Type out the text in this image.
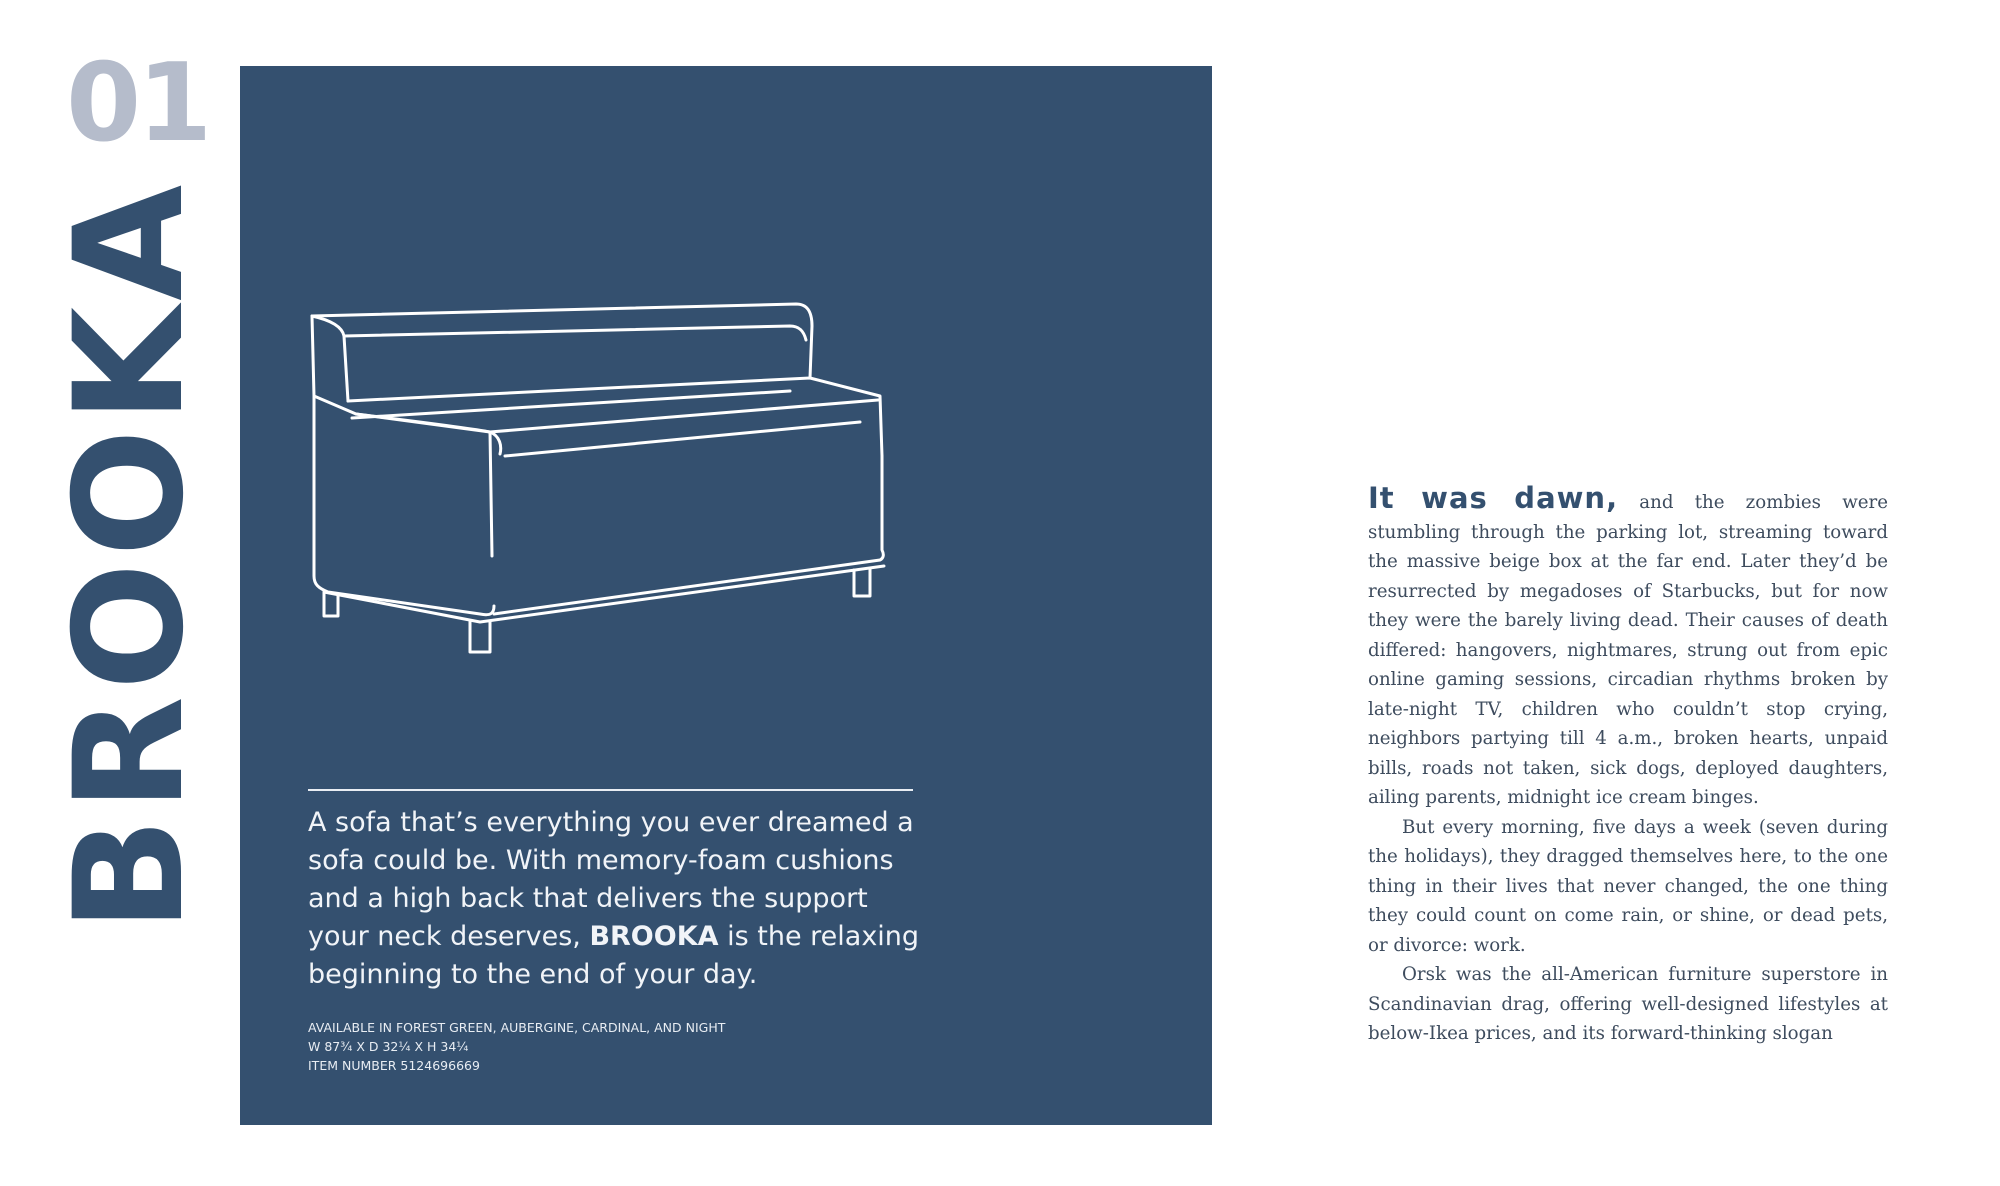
01
BROOKA	A sofa that’s everything you ever dreamed a sofa could be. With memory-foam cushions and a high back that delivers the support your neck deserves, BROOKA is the relaxing beginning to the end of your day.
AVAILABLE IN FOREST GREEN, AUBERGINE, CARDINAL, AND NIGHT
W 87¾ X D 32¼ X H 34¼
ITEM NUMBER 5124696669

It was dawn, and the zombies were stumbling through the parking lot, streaming toward the massive beige box at the far end. Later they’d be resurrected by megadoses of Starbucks, but for now they were the barely living dead. Their causes of death differed: hangovers, nightmares, strung out from epic online gaming sessions, circadian rhythms broken by late-night TV, children who couldn’t stop crying, neighbors partying till 4 a.m., broken hearts, unpaid bills, roads not taken, sick dogs, deployed daughters, ailing parents, midnight ice cream binges.

But every morning, five days a week (seven during the holidays), they dragged themselves here, to the one thing in their lives that never changed, the one thing they could count on come rain, or shine, or dead pets, or divorce: work.

Orsk was the all-American furniture superstore in Scandinavian drag, offering well-designed lifestyles at below-Ikea prices, and its forward-thinking slogan
